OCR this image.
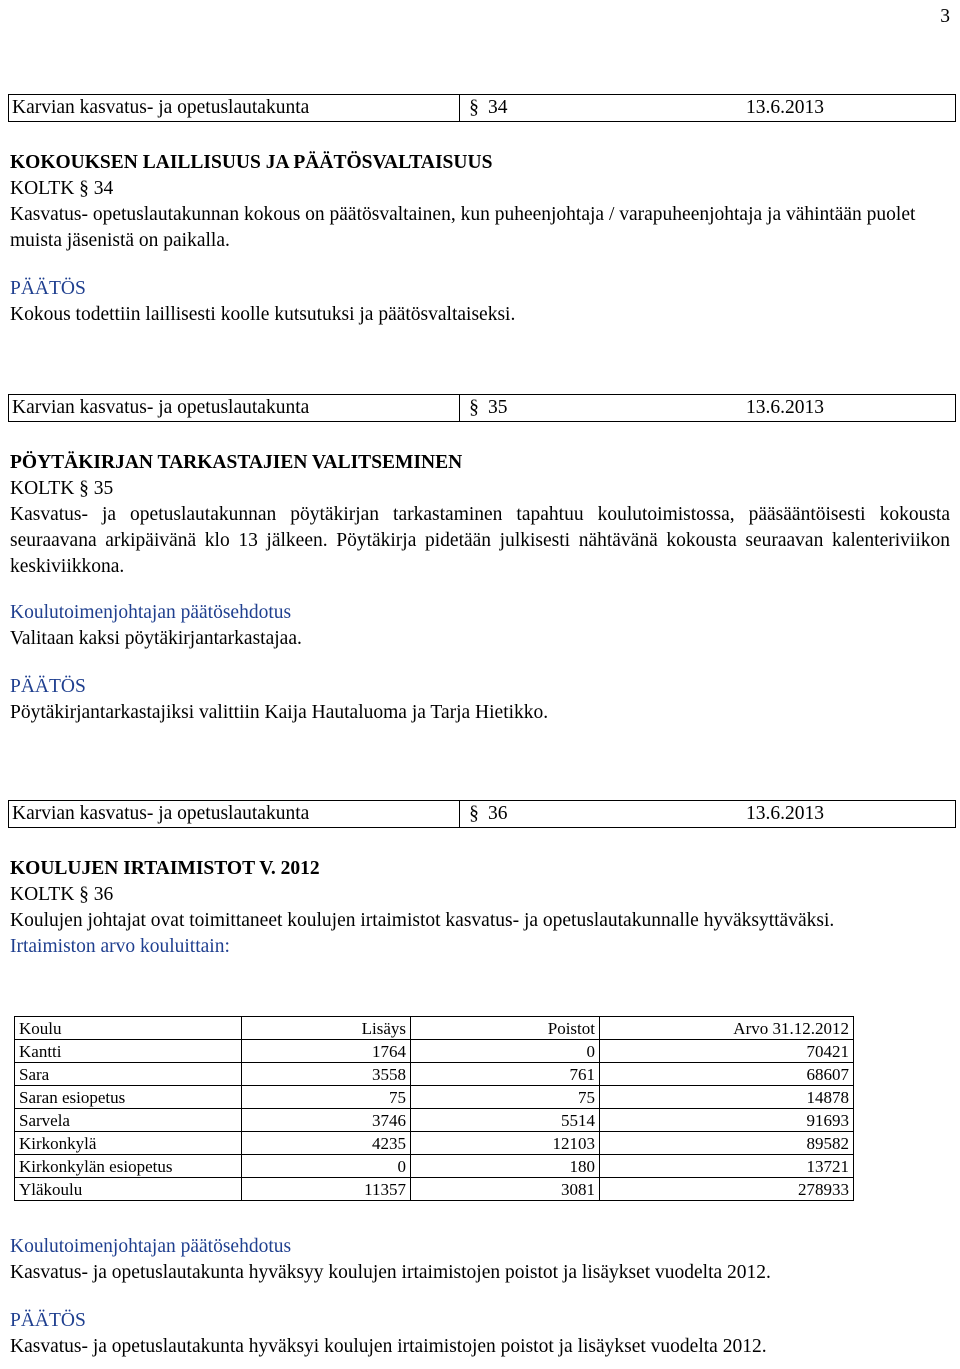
3
Karvian kasvatus- ja opetuslautakunta	§ 34	13.6.2013

KOKOUKSEN LAILLISUUS JA PÄÄTÖSVALTAISUUS

KOLTK § 34

Kasvatus- opetuslautakunnan kokous on päätösvaltainen, kun puheenjohtaja / varapuheenjohtaja ja vähintään puolet muista jäsenistä on paikalla.

PÄÄTÖS

Kokous todettiin laillisesti koolle kutsutuksi ja päätösvaltaiseksi.

Karvian kasvatus- ja opetuslautakunta	§ 35	13.6.2013

PÖYTÄKIRJAN TARKASTAJIEN VALITSEMINEN

KOLTK § 35

Kasvatus- ja opetuslautakunnan pöytäkirjan tarkastaminen tapahtuu koulutoimistossa, pääsääntöisesti kokousta seuraavana arkipäivänä klo 13 jälkeen. Pöytäkirja pidetään julkisesti nähtävänä kokousta seuraavan kalenteriviikon keskiviikkona.

Koulutoimenjohtajan päätösehdotus

Valitaan kaksi pöytäkirjantarkastajaa.

PÄÄTÖS

Pöytäkirjantarkastajiksi valittiin Kaija Hautaluoma ja Tarja Hietikko.

Karvian kasvatus- ja opetuslautakunta	§ 36	13.6.2013

KOULUJEN IRTAIMISTOT V. 2012

KOLTK § 36

Koulujen johtajat ovat toimittaneet koulujen irtaimistot kasvatus- ja opetuslautakunnalle hyväksyttäväksi.

Irtaimiston arvo kouluittain:

Koulu	Lisäys	Poistot	Arvo 31.12.2012
Kantti	1764	0	70421
Sara	3558	761	68607
Saran esiopetus	75	75	14878
Sarvela	3746	5514	91693
Kirkonkylä	4235	12103	89582
Kirkonkylän esiopetus	0	180	13721
Yläkoulu	11357	3081	278933

Koulutoimenjohtajan päätösehdotus

Kasvatus- ja opetuslautakunta hyväksyy koulujen irtaimistojen poistot ja lisäykset vuodelta 2012.

PÄÄTÖS

Kasvatus- ja opetuslautakunta hyväksyi koulujen irtaimistojen poistot ja lisäykset vuodelta 2012.
